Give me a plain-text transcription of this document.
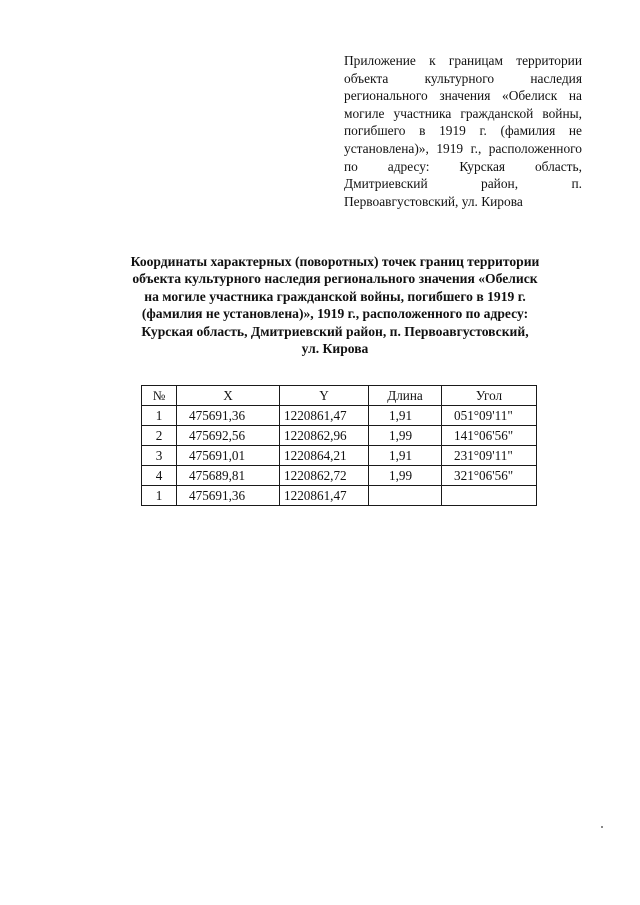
Приложение к границам территории объекта культурного наследия регионального значения «Обелиск на могиле участника гражданской войны, погибшего в 1919 г. (фамилия не установлена)», 1919 г., расположенного по адресу: Курская область, Дмитриевский район, п. Первоавгустовский, ул. Кирова
Координаты характерных (поворотных) точек границ территории
объекта культурного наследия регионального значения «Обелиск
на могиле участника гражданской войны, погибшего в 1919 г.
(фамилия не установлена)», 1919 г., расположенного по адресу:
Курская область, Дмитриевский район, п. Первоавгустовский,
ул. Кирова
№	X	Y	Длина	Угол
1	475691,36	1220861,47	1,91	051°09'11"
2	475692,56	1220862,96	1,99	141°06'56"
3	475691,01	1220864,21	1,91	231°09'11"
4	475689,81	1220862,72	1,99	321°06'56"
1	475691,36	1220861,47		
